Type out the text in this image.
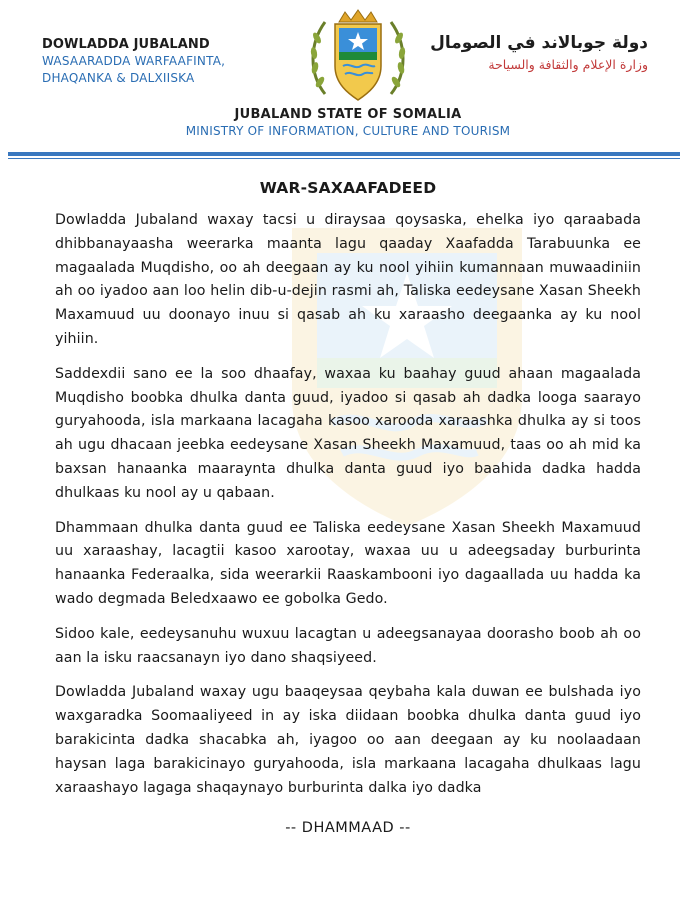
DOWLADDA JUBALAND
WASAARADDA WARFAAFINTA,
DHAQANKA & DALXIISKA
دولة جوبالاند في الصومال
وزارة الإعلام والثقافة والسياحة
JUBALAND STATE OF SOMALIA
MINISTRY OF INFORMATION, CULTURE AND TOURISM
WAR-SAXAAFADEED

Dowladda Jubaland waxay tacsi u diraysaa qoysaska, ehelka iyo qaraabada dhibbanayaasha weerarka maanta lagu qaaday Xaafadda Tarabuunka ee magaalada Muqdisho, oo ah deegaan ay ku nool yihiin kumannaan muwaadiniin ah oo iyadoo aan loo helin dib-u-dejin rasmi ah, Taliska eedeysane Xasan Sheekh Maxamuud uu doonayo inuu si qasab ah ku xaraasho deegaanka ay ku nool yihiin.

Saddexdii sano ee la soo dhaafay, waxaa ku baahay guud ahaan magaalada Muqdisho boobka dhulka danta guud, iyadoo si qasab ah dadka looga saarayo guryahooda, isla markaana lacagaha kasoo xarooda xaraashka dhulka ay si toos ah ugu dhacaan jeebka eedeysane Xasan Sheekh Maxamuud, taas oo ah mid ka baxsan hanaanka maaraynta dhulka danta guud iyo baahida dadka hadda dhulkaas ku nool ay u qabaan.

Dhammaan dhulka danta guud ee Taliska eedeysane Xasan Sheekh Maxamuud uu xaraashay, lacagtii kasoo xarootay, waxaa uu u adeegsaday burburinta hanaanka Federaalka, sida weerarkii Raaskambooni iyo dagaallada uu hadda ka wado degmada Beledxaawo ee gobolka Gedo.

Sidoo kale, eedeysanuhu wuxuu lacagtan u adeegsanayaa doorasho boob ah oo aan la isku raacsanayn iyo dano shaqsiyeed.

Dowladda Jubaland waxay ugu baaqeysaa qeybaha kala duwan ee bulshada iyo waxgaradka Soomaaliyeed in ay iska diidaan boobka dhulka danta guud iyo barakicinta dadka shacabka ah, iyagoo oo aan deegaan ay ku noolaadaan haysan laga barakicinayo guryahooda, isla markaana lacagaha dhulkaas lagu xaraashayo lagaga shaqaynayo burburinta dalka iyo dadka

-- DHAMMAAD --
